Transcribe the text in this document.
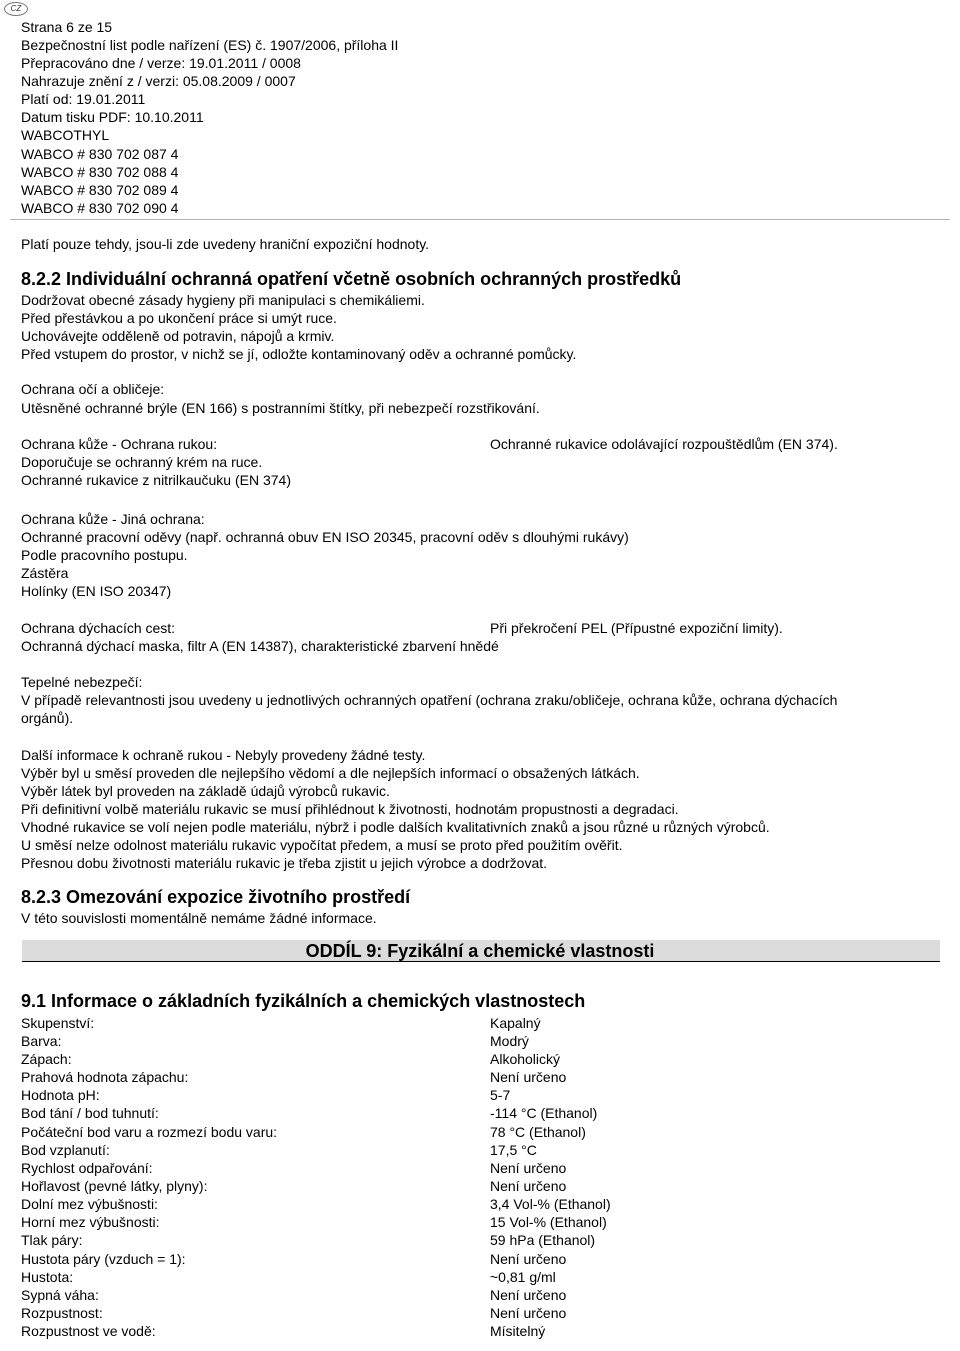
CZ
Strana 6 ze 15
Bezpečnostní list podle nařízení (ES) č. 1907/2006, příloha II
Přepracováno dne / verze: 19.01.2011 / 0008
Nahrazuje znění z / verzi: 05.08.2009 / 0007
Platí od: 19.01.2011
Datum tisku PDF: 10.10.2011
WABCOTHYL
WABCO # 830 702 087 4
WABCO # 830 702 088 4
WABCO # 830 702 089 4
WABCO # 830 702 090 4
Platí pouze tehdy, jsou-li zde uvedeny hraniční expoziční hodnoty.
8.2.2 Individuální ochranná opatření včetně osobních ochranných prostředků
Dodržovat obecné zásady hygieny při manipulaci s chemikáliemi.
Před přestávkou a po ukončení práce si umýt ruce.
Uchovávejte odděleně od potravin, nápojů a krmiv.
Před vstupem do prostor, v nichž se jí, odložte kontaminovaný oděv a ochranné pomůcky.
Ochrana očí a obličeje:
Utěsněné ochranné brýle (EN 166) s postranními štítky, při nebezpečí rozstřikování.
Ochrana kůže - Ochrana rukou:	Ochranné rukavice odolávající rozpouštědlům (EN 374).
Doporučuje se ochranný krém na ruce.
Ochranné rukavice z nitrilkaučuku (EN 374)
Ochrana kůže - Jiná ochrana:
Ochranné pracovní oděvy (např. ochranná obuv EN ISO 20345, pracovní oděv s dlouhými rukávy)
Podle pracovního postupu.
Zástěra
Holínky (EN ISO 20347)
Ochrana dýchacích cest:	Při překročení PEL (Přípustné expoziční limity).
Ochranná dýchací maska, filtr A (EN 14387), charakteristické zbarvení hnědé
Tepelné nebezpečí:
V případě relevantnosti jsou uvedeny u jednotlivých ochranných opatření (ochrana zraku/obličeje, ochrana kůže, ochrana dýchacích
orgánů).
Další informace k ochraně rukou - Nebyly provedeny žádné testy.
Výběr byl u směsí proveden dle nejlepšího vědomí a dle nejlepších informací o obsažených látkách.
Výběr látek byl proveden na základě údajů výrobců rukavic.
Při definitivní volbě materiálu rukavic se musí přihlédnout k životnosti, hodnotám propustnosti a degradaci.
Vhodné rukavice se volí nejen podle materiálu, nýbrž i podle dalších kvalitativních znaků a jsou různé u různých výrobců.
U směsí nelze odolnost materiálu rukavic vypočítat předem, a musí se proto před použitím ověřit.
Přesnou dobu životnosti materiálu rukavic je třeba zjistit u jejich výrobce a dodržovat.
8.2.3 Omezování expozice životního prostředí
V této souvislosti momentálně nemáme žádné informace.
ODDÍL 9: Fyzikální a chemické vlastnosti
9.1 Informace o základních fyzikálních a chemických vlastnostech
Skupenství:	Kapalný
Barva:	Modrý
Zápach:	Alkoholický
Prahová hodnota zápachu:	Není určeno
Hodnota pH:	5-7
Bod tání / bod tuhnutí:	-114 °C (Ethanol)
Počáteční bod varu a rozmezí bodu varu:	78 °C (Ethanol)
Bod vzplanutí:	17,5 °C
Rychlost odpařování:	Není určeno
Hořlavost (pevné látky, plyny):	Není určeno
Dolní mez výbušnosti:	3,4 Vol-% (Ethanol)
Horní mez výbušnosti:	15 Vol-% (Ethanol)
Tlak páry:	59 hPa (Ethanol)
Hustota páry (vzduch = 1):	Není určeno
Hustota:	~0,81 g/ml
Sypná váha:	Není určeno
Rozpustnost:	Není určeno
Rozpustnost ve vodě:	Mísitelný
